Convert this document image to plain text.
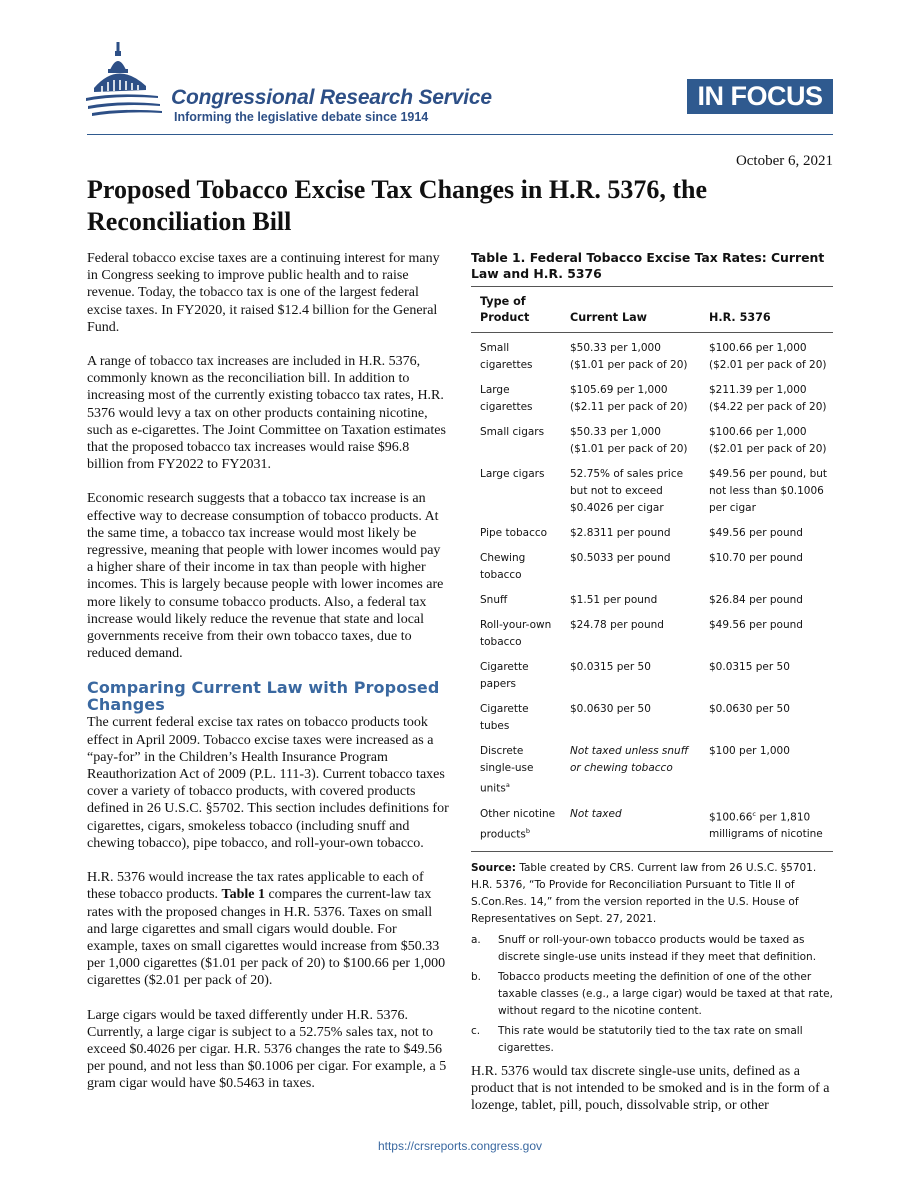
Congressional Research Service
Informing the legislative debate since 1914
IN FOCUS
October 6, 2021
Proposed Tobacco Excise Tax Changes in H.R. 5376, the Reconciliation Bill

Federal tobacco excise taxes are a continuing interest for many in Congress seeking to improve public health and to raise revenue. Today, the tobacco tax is one of the largest federal excise taxes. In FY2020, it raised $12.4 billion for the General Fund.

A range of tobacco tax increases are included in H.R. 5376, commonly known as the reconciliation bill. In addition to increasing most of the currently existing tobacco tax rates, H.R. 5376 would levy a tax on other products containing nicotine, such as e-cigarettes. The Joint Committee on Taxation estimates that the proposed tobacco tax increases would raise $96.8 billion from FY2022 to FY2031.

Economic research suggests that a tobacco tax increase is an effective way to decrease consumption of tobacco products. At the same time, a tobacco tax increase would most likely be regressive, meaning that people with lower incomes would pay a higher share of their income in tax than people with higher incomes. This is largely because people with lower incomes are more likely to consume tobacco products. Also, a federal tax increase would likely reduce the revenue that state and local governments receive from their own tobacco taxes, due to reduced demand.

Comparing Current Law with Proposed Changes

The current federal excise tax rates on tobacco products took effect in April 2009. Tobacco excise taxes were increased as a “pay-for” in the Children’s Health Insurance Program Reauthorization Act of 2009 (P.L. 111-3). Current tobacco taxes cover a variety of tobacco products, with covered products defined in 26 U.S.C. §5702. This section includes definitions for cigarettes, cigars, smokeless tobacco (including snuff and chewing tobacco), pipe tobacco, and roll-your-own tobacco.

H.R. 5376 would increase the tax rates applicable to each of these tobacco products. Table 1 compares the current-law tax rates with the proposed changes in H.R. 5376. Taxes on small and large cigarettes and small cigars would double. For example, taxes on small cigarettes would increase from $50.33 per 1,000 cigarettes ($1.01 per pack of 20) to $100.66 per 1,000 cigarettes ($2.01 per pack of 20).

Large cigars would be taxed differently under H.R. 5376. Currently, a large cigar is subject to a 52.75% sales tax, not to exceed $0.4026 per cigar. H.R. 5376 changes the rate to $49.56 per pound, and not less than $0.1006 per cigar. For example, a 5 gram cigar would have $0.5463 in taxes.

Table 1. Federal Tobacco Excise Tax Rates: Current Law and H.R. 5376
Type of Product	Current Law	H.R. 5376
Small cigarettes	$50.33 per 1,000 ($1.01 per pack of 20)	$100.66 per 1,000 ($2.01 per pack of 20)
Large cigarettes	$105.69 per 1,000 ($2.11 per pack of 20)	$211.39 per 1,000 ($4.22 per pack of 20)
Small cigars	$50.33 per 1,000 ($1.01 per pack of 20)	$100.66 per 1,000 ($2.01 per pack of 20)
Large cigars	52.75% of sales price but not to exceed $0.4026 per cigar	$49.56 per pound, but not less than $0.1006 per cigar
Pipe tobacco	$2.8311 per pound	$49.56 per pound
Chewing tobacco	$0.5033 per pound	$10.70 per pound
Snuff	$1.51 per pound	$26.84 per pound
Roll-your-own tobacco	$24.78 per pound	$49.56 per pound
Cigarette papers	$0.0315 per 50	$0.0315 per 50
Cigarette tubes	$0.0630 per 50	$0.0630 per 50
Discrete single-use units$^a$	Not taxed unless snuff or chewing tobacco	$100 per 1,000
Other nicotine products$^b$	Not taxed	$100.66$^c$ per 1,810 milligrams of nicotine

Source: Table created by CRS. Current law from 26 U.S.C. §5701. H.R. 5376, “To Provide for Reconciliation Pursuant to Title II of S.Con.Res. 14,” from the version reported in the U.S. House of Representatives on Sept. 27, 2021.

a. Snuff or roll-your-own tobacco products would be taxed as discrete single-use units instead if they meet that definition.
b. Tobacco products meeting the definition of one of the other taxable classes (e.g., a large cigar) would be taxed at that rate, without regard to the nicotine content.
c. This rate would be statutorily tied to the tax rate on small cigarettes.

H.R. 5376 would tax discrete single-use units, defined as a product that is not intended to be smoked and is in the form of a lozenge, tablet, pill, pouch, dissolvable strip, or other

https://crsreports.congress.gov
